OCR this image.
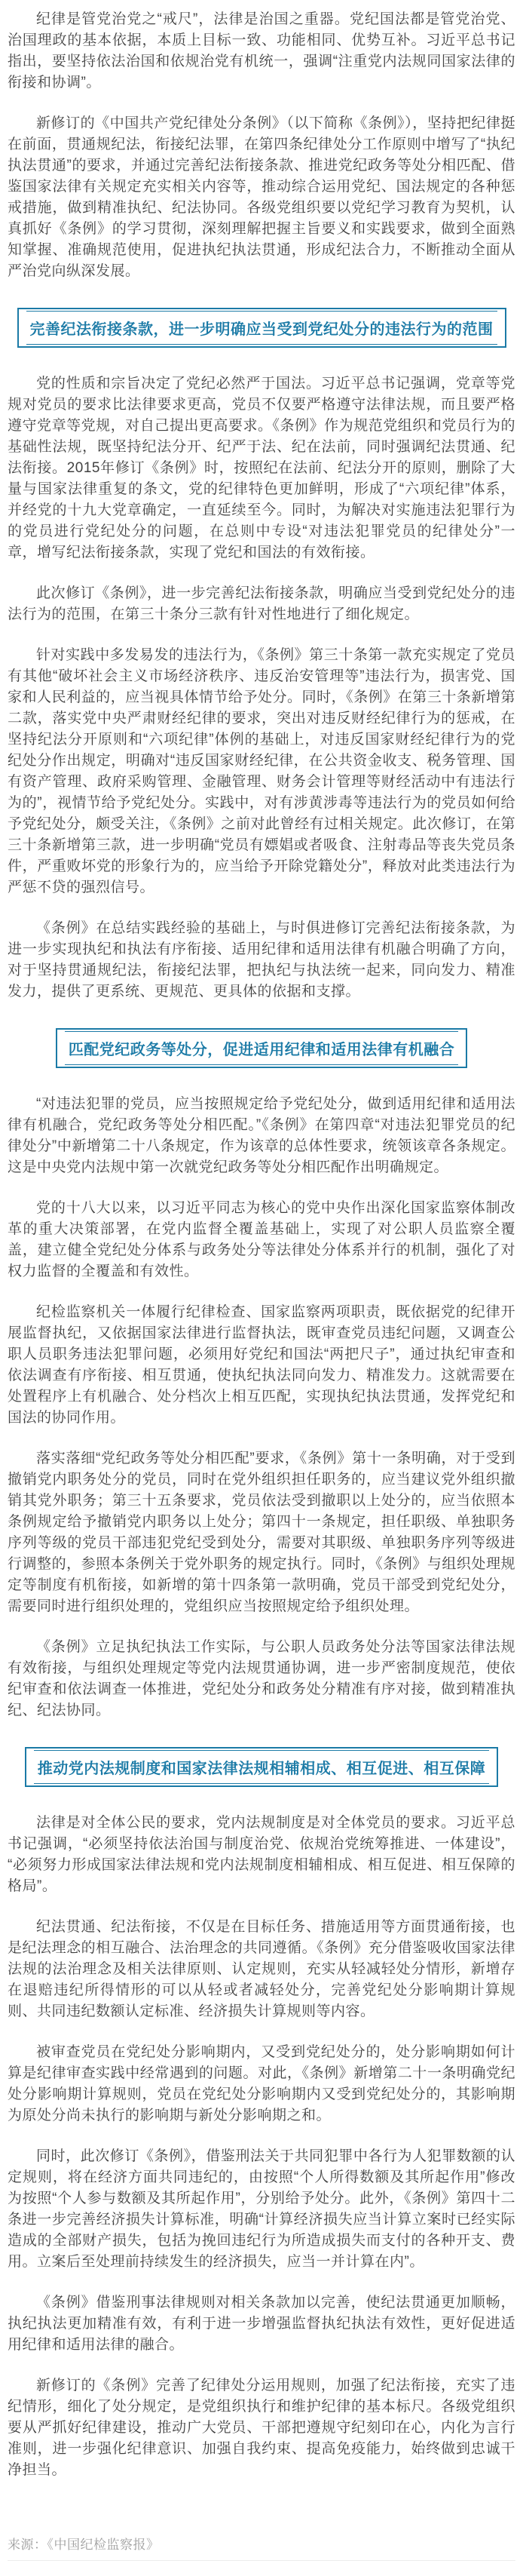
纪律是管党治党之“戒尺”，法律是治国之重器。党纪国法都是管党治党、治国理政的基本依据，本质上目标一致、功能相同、优势互补。习近平总书记指出，要坚持依法治国和依规治党有机统一，强调“注重党内法规同国家法律的衔接和协调”。

新修订的《中国共产党纪律处分条例》（以下简称《条例》），坚持把纪律挺在前面，贯通规纪法，衔接纪法罪，在第四条纪律处分工作原则中增写了“执纪执法贯通”的要求，并通过完善纪法衔接条款、推进党纪政务等处分相匹配、借鉴国家法律有关规定充实相关内容等，推动综合运用党纪、国法规定的各种惩戒措施，做到精准执纪、纪法协同。各级党组织要以党纪学习教育为契机，认真抓好《条例》的学习贯彻，深刻理解把握主旨要义和实践要求，做到全面熟知掌握、准确规范使用，促进执纪执法贯通，形成纪法合力，不断推动全面从严治党向纵深发展。

完善纪法衔接条款，进一步明确应当受到党纪处分的违法行为的范围

党的性质和宗旨决定了党纪必然严于国法。习近平总书记强调，党章等党规对党员的要求比法律要求更高，党员不仅要严格遵守法律法规，而且要严格遵守党章等党规，对自己提出更高要求。《条例》作为规范党组织和党员行为的基础性法规，既坚持纪法分开、纪严于法、纪在法前，同时强调纪法贯通、纪法衔接。2015年修订《条例》时，按照纪在法前、纪法分开的原则，删除了大量与国家法律重复的条文，党的纪律特色更加鲜明，形成了“六项纪律”体系，并经党的十九大党章确定，一直延续至今。同时，为解决对实施违法犯罪行为的党员进行党纪处分的问题，在总则中专设“对违法犯罪党员的纪律处分”一章，增写纪法衔接条款，实现了党纪和国法的有效衔接。

此次修订《条例》，进一步完善纪法衔接条款，明确应当受到党纪处分的违法行为的范围，在第三十条分三款有针对性地进行了细化规定。

针对实践中多发易发的违法行为，《条例》第三十条第一款充实规定了党员有其他“破坏社会主义市场经济秩序、违反治安管理等”违法行为，损害党、国家和人民利益的，应当视具体情节给予处分。同时，《条例》在第三十条新增第二款，落实党中央严肃财经纪律的要求，突出对违反财经纪律行为的惩戒，在坚持纪法分开原则和“六项纪律”体例的基础上，对违反国家财经纪律行为的党纪处分作出规定，明确对“违反国家财经纪律，在公共资金收支、税务管理、国有资产管理、政府采购管理、金融管理、财务会计管理等财经活动中有违法行为的”，视情节给予党纪处分。实践中，对有涉黄涉毒等违法行为的党员如何给予党纪处分，颇受关注，《条例》之前对此曾经有过相关规定。此次修订，在第三十条新增第三款，进一步明确“党员有嫖娼或者吸食、注射毒品等丧失党员条件，严重败坏党的形象行为的，应当给予开除党籍处分”，释放对此类违法行为严惩不贷的强烈信号。

《条例》在总结实践经验的基础上，与时俱进修订完善纪法衔接条款，为进一步实现执纪和执法有序衔接、适用纪律和适用法律有机融合明确了方向，对于坚持贯通规纪法，衔接纪法罪，把执纪与执法统一起来，同向发力、精准发力，提供了更系统、更规范、更具体的依据和支撑。

匹配党纪政务等处分，促进适用纪律和适用法律有机融合

“对违法犯罪的党员，应当按照规定给予党纪处分，做到适用纪律和适用法律有机融合，党纪政务等处分相匹配。”《条例》在第四章“对违法犯罪党员的纪律处分”中新增第二十八条规定，作为该章的总体性要求，统领该章各条规定。这是中央党内法规中第一次就党纪政务等处分相匹配作出明确规定。

党的十八大以来，以习近平同志为核心的党中央作出深化国家监察体制改革的重大决策部署，在党内监督全覆盖基础上，实现了对公职人员监察全覆盖，建立健全党纪处分体系与政务处分等法律处分体系并行的机制，强化了对权力监督的全覆盖和有效性。

纪检监察机关一体履行纪律检查、国家监察两项职责，既依据党的纪律开展监督执纪，又依据国家法律进行监督执法，既审查党员违纪问题，又调查公职人员职务违法犯罪问题，必须用好党纪和国法“两把尺子”，通过执纪审查和依法调查有序衔接、相互贯通，使执纪执法同向发力、精准发力。这就需要在处置程序上有机融合、处分档次上相互匹配，实现执纪执法贯通，发挥党纪和国法的协同作用。

落实落细“党纪政务等处分相匹配”要求，《条例》第十一条明确，对于受到撤销党内职务处分的党员，同时在党外组织担任职务的，应当建议党外组织撤销其党外职务；第三十五条要求，党员依法受到撤职以上处分的，应当依照本条例规定给予撤销党内职务以上处分；第四十一条规定，担任职级、单独职务序列等级的党员干部违犯党纪受到处分，需要对其职级、单独职务序列等级进行调整的，参照本条例关于党外职务的规定执行。同时，《条例》与组织处理规定等制度有机衔接，如新增的第十四条第一款明确，党员干部受到党纪处分，需要同时进行组织处理的，党组织应当按照规定给予组织处理。

《条例》立足执纪执法工作实际，与公职人员政务处分法等国家法律法规有效衔接，与组织处理规定等党内法规贯通协调，进一步严密制度规范，使依纪审查和依法调查一体推进，党纪处分和政务处分精准有序对接，做到精准执纪、纪法协同。

推动党内法规制度和国家法律法规相辅相成、相互促进、相互保障

法律是对全体公民的要求，党内法规制度是对全体党员的要求。习近平总书记强调，“必须坚持依法治国与制度治党、依规治党统筹推进、一体建设”，“必须努力形成国家法律法规和党内法规制度相辅相成、相互促进、相互保障的格局”。

纪法贯通、纪法衔接，不仅是在目标任务、措施适用等方面贯通衔接，也是纪法理念的相互融合、法治理念的共同遵循。《条例》充分借鉴吸收国家法律法规的法治理念及相关法律原则、认定规则，充实从轻减轻处分情形，新增存在退赔违纪所得情形的可以从轻或者减轻处分，完善党纪处分影响期计算规则、共同违纪数额认定标准、经济损失计算规则等内容。

被审查党员在党纪处分影响期内，又受到党纪处分的，处分影响期如何计算是纪律审查实践中经常遇到的问题。对此，《条例》新增第二十一条明确党纪处分影响期计算规则，党员在党纪处分影响期内又受到党纪处分的，其影响期为原处分尚未执行的影响期与新处分影响期之和。

同时，此次修订《条例》，借鉴刑法关于共同犯罪中各行为人犯罪数额的认定规则，将在经济方面共同违纪的，由按照“个人所得数额及其所起作用”修改为按照“个人参与数额及其所起作用”，分别给予处分。此外，《条例》第四十二条进一步完善经济损失计算标准，明确“计算经济损失应当计算立案时已经实际造成的全部财产损失，包括为挽回违纪行为所造成损失而支付的各种开支、费用。立案后至处理前持续发生的经济损失，应当一并计算在内”。

《条例》借鉴刑事法律规则对相关条款加以完善，使纪法贯通更加顺畅，执纪执法更加精准有效，有利于进一步增强监督执纪执法有效性，更好促进适用纪律和适用法律的融合。

新修订的《条例》完善了纪律处分运用规则，加强了纪法衔接，充实了违纪情形，细化了处分规定，是党组织执行和维护纪律的基本标尺。各级党组织要从严抓好纪律建设，推动广大党员、干部把遵规守纪刻印在心，内化为言行准则，进一步强化纪律意识、加强自我约束、提高免疫能力，始终做到忠诚干净担当。

来源：《中国纪检监察报》
